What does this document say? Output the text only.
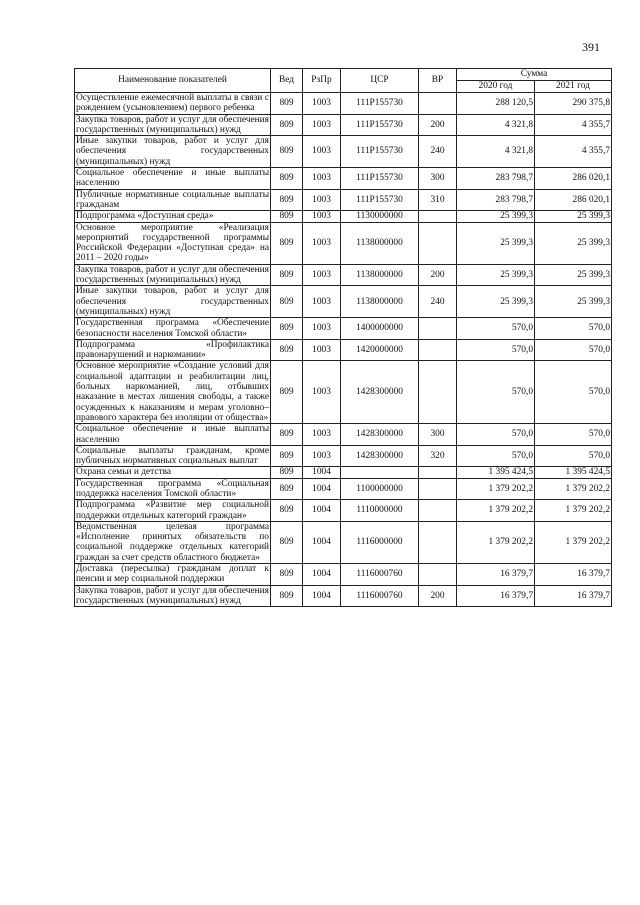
391
Наименование показателей	Вед	РзПр	ЦСР	ВР	Сумма	
					2020 год	2021 год
Осуществление ежемесячной выплаты в связи с рождением (усыновлением) первого ребенка	809	1003	111P155730		288 120,5	290 375,8
Закупка товаров, работ и услуг для обеспечения государственных (муниципальных) нужд	809	1003	111P155730	200	4 321,8	4 355,7
Иные закупки товаров, работ и услуг для обеспечения государственных (муниципальных) нужд	809	1003	111P155730	240	4 321,8	4 355,7
Социальное обеспечение и иные выплаты населению	809	1003	111P155730	300	283 798,7	286 020,1
Публичные нормативные социальные выплаты гражданам	809	1003	111P155730	310	283 798,7	286 020,1
Подпрограмма «Доступная среда»	809	1003	1130000000		25 399,3	25 399,3
Основное мероприятие «Реализация мероприятий государственной программы Российской Федерации «Доступная среда» на 2011 – 2020 годы»	809	1003	1138000000		25 399,3	25 399,3
Закупка товаров, работ и услуг для обеспечения государственных (муниципальных) нужд	809	1003	1138000000	200	25 399,3	25 399,3
Иные закупки товаров, работ и услуг для обеспечения государственных (муниципальных) нужд	809	1003	1138000000	240	25 399,3	25 399,3
Государственная программа «Обеспечение безопасности населения Томской области»	809	1003	1400000000		570,0	570,0
Подпрограмма «Профилактика правонарушений и наркомании»	809	1003	1420000000		570,0	570,0
Основное мероприятие «Создание условий для социальной адаптации и реабилитации лиц, больных наркоманией, лиц, отбывших наказание в местах лишения свободы, а также осужденных к наказаниям и мерам уголовно–правового характера без изоляции от общества»	809	1003	1428300000		570,0	570,0
Социальное обеспечение и иные выплаты населению	809	1003	1428300000	300	570,0	570,0
Социальные выплаты гражданам, кроме публичных нормативных социальных выплат	809	1003	1428300000	320	570,0	570,0
Охрана семьи и детства	809	1004			1 395 424,5	1 395 424,5
Государственная программа «Социальная поддержка населения Томской области»	809	1004	1100000000		1 379 202,2	1 379 202,2
Подпрограмма «Развитие мер социальной поддержки отдельных категорий граждан»	809	1004	1110000000		1 379 202,2	1 379 202,2
Ведомственная целевая программа «Исполнение принятых обязательств по социальной поддержке отдельных категорий граждан за счет средств областного бюджета»	809	1004	1116000000		1 379 202,2	1 379 202,2
Доставка (пересылка) гражданам доплат к пенсии и мер социальной поддержки	809	1004	1116000760		16 379,7	16 379,7
Закупка товаров, работ и услуг для обеспечения государственных (муниципальных) нужд	809	1004	1116000760	200	16 379,7	16 379,7
